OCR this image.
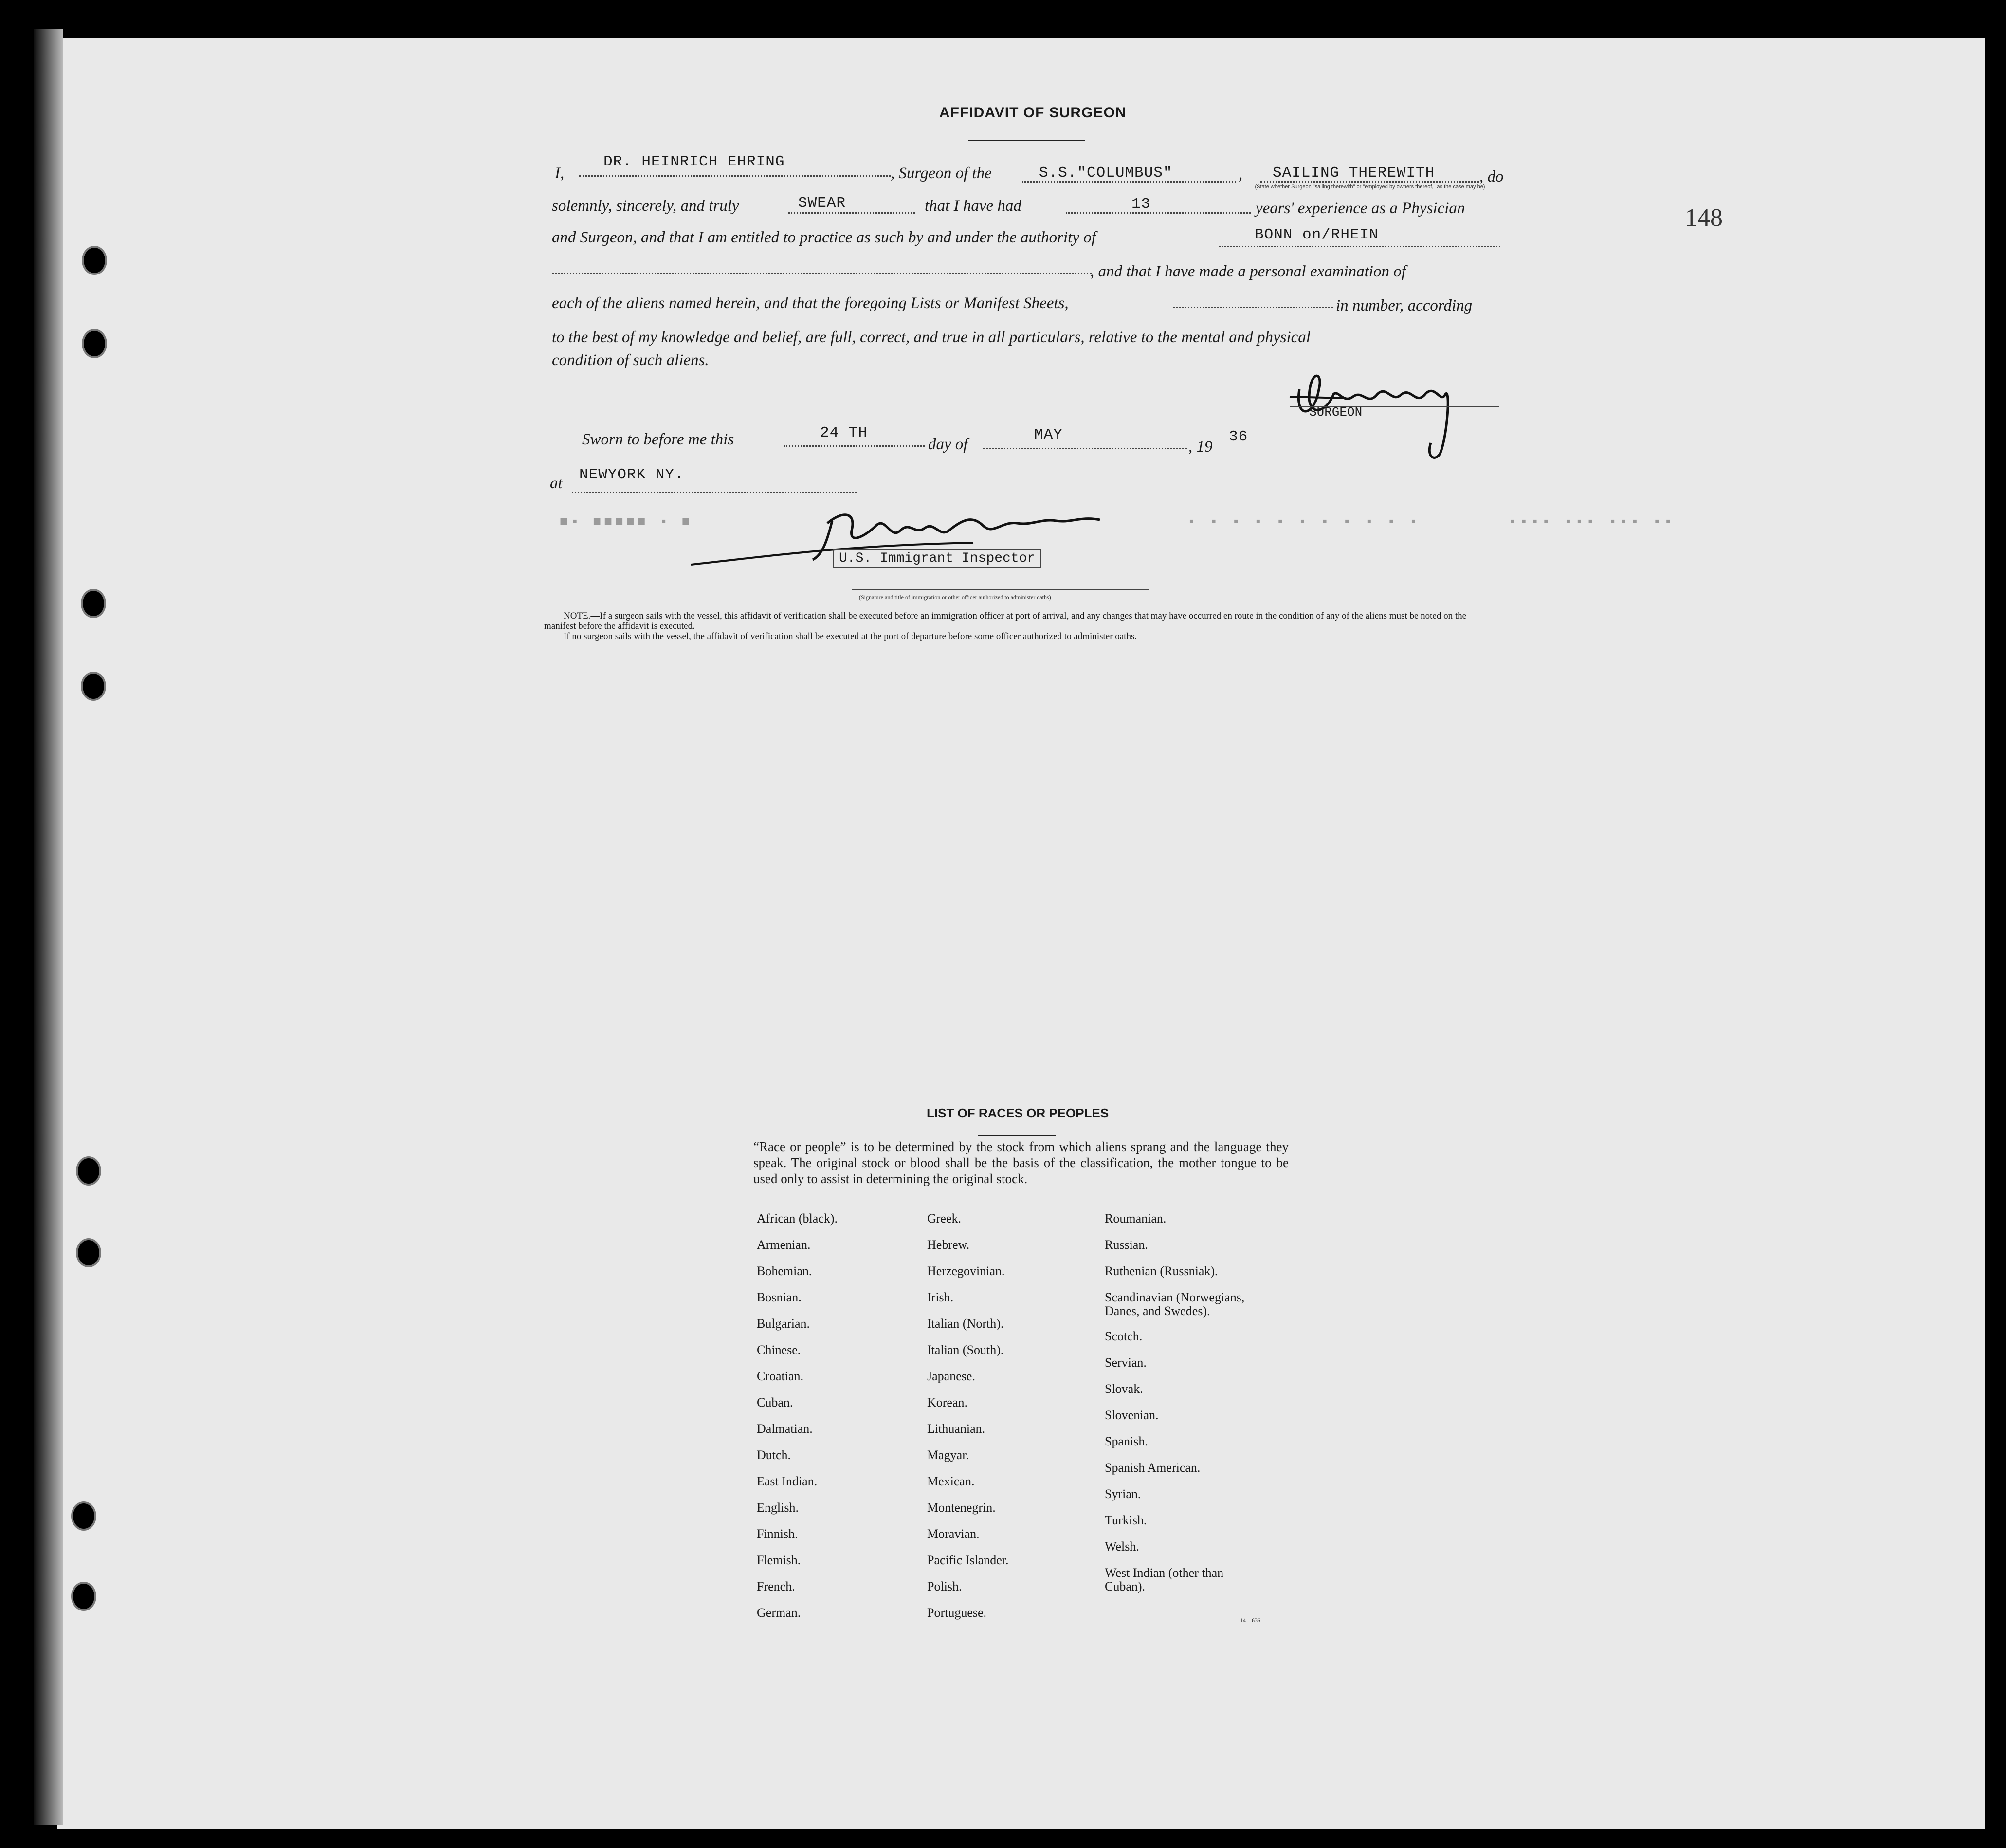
148
AFFIDAVIT OF SURGEON
I,
DR. HEINRICH EHRING
, Surgeon of the	S.S."COLUMBUS"	, SAILING THEREWITH	, do
(State whether Surgeon "sailing therewith" or "employed by owners thereof," as the case may be)
solemnly, sincerely, and truly	SWEAR	that I have had	13	years' experience as a Physician
and Surgeon, and that I am entitled to practice as such by and under the authority of	BONN on/RHEIN
, and that I have made a personal examination of
each of the aliens named herein, and that the foregoing Lists or Manifest Sheets,	in number, according
to the best of my knowledge and belief, are full, correct, and true in all particulars, relative to the mental and physical
condition of such aliens.
SURGEON
Sworn to before me this	24 TH
day of
MAY
, 19
36
at NEWYORK NY.
■▪ ■■■■■ ▪ ■	▪ ▪ ▪ ▪ ▪ ▪ ▪ ▪ ▪ ▪ ▪	▪▪▪▪ ▪▪▪ ▪▪▪ ▪▪
U.S. Immigrant Inspector
(Signature and title of immigration or other officer authorized to administer oaths)
NOTE.—If a surgeon sails with the vessel, this affidavit of verification shall be executed before an immigration officer at port of arrival, and any changes that may have occurred en route in the condition of any of the aliens must be noted on the manifest before the affidavit is executed.
If no surgeon sails with the vessel, the affidavit of verification shall be executed at the port of departure before some officer authorized to administer oaths.
LIST OF RACES OR PEOPLES
“Race or people” is to be determined by the stock from which aliens sprang and the language they speak. The original stock or blood shall be the basis of the classification, the mother tongue to be used only to assist in determining the original stock.
African (black).
Armenian.
Bohemian.
Bosnian.
Bulgarian.
Chinese.
Croatian.
Cuban.
Dalmatian.
Dutch.
East Indian.
English.
Finnish.
Flemish.
French.
German.
Greek.
Hebrew.
Herzegovinian.
Irish.
Italian (North).
Italian (South).
Japanese.
Korean.
Lithuanian.
Magyar.
Mexican.
Montenegrin.
Moravian.
Pacific Islander.
Polish.
Portuguese.
Roumanian.
Russian.
Ruthenian (Russniak).
Scandinavian (Norwegians, Danes, and Swedes).
Scotch.
Servian.
Slovak.
Slovenian.
Spanish.
Spanish American.
Syrian.
Turkish.
Welsh.
West Indian (other than Cuban).
14—636
